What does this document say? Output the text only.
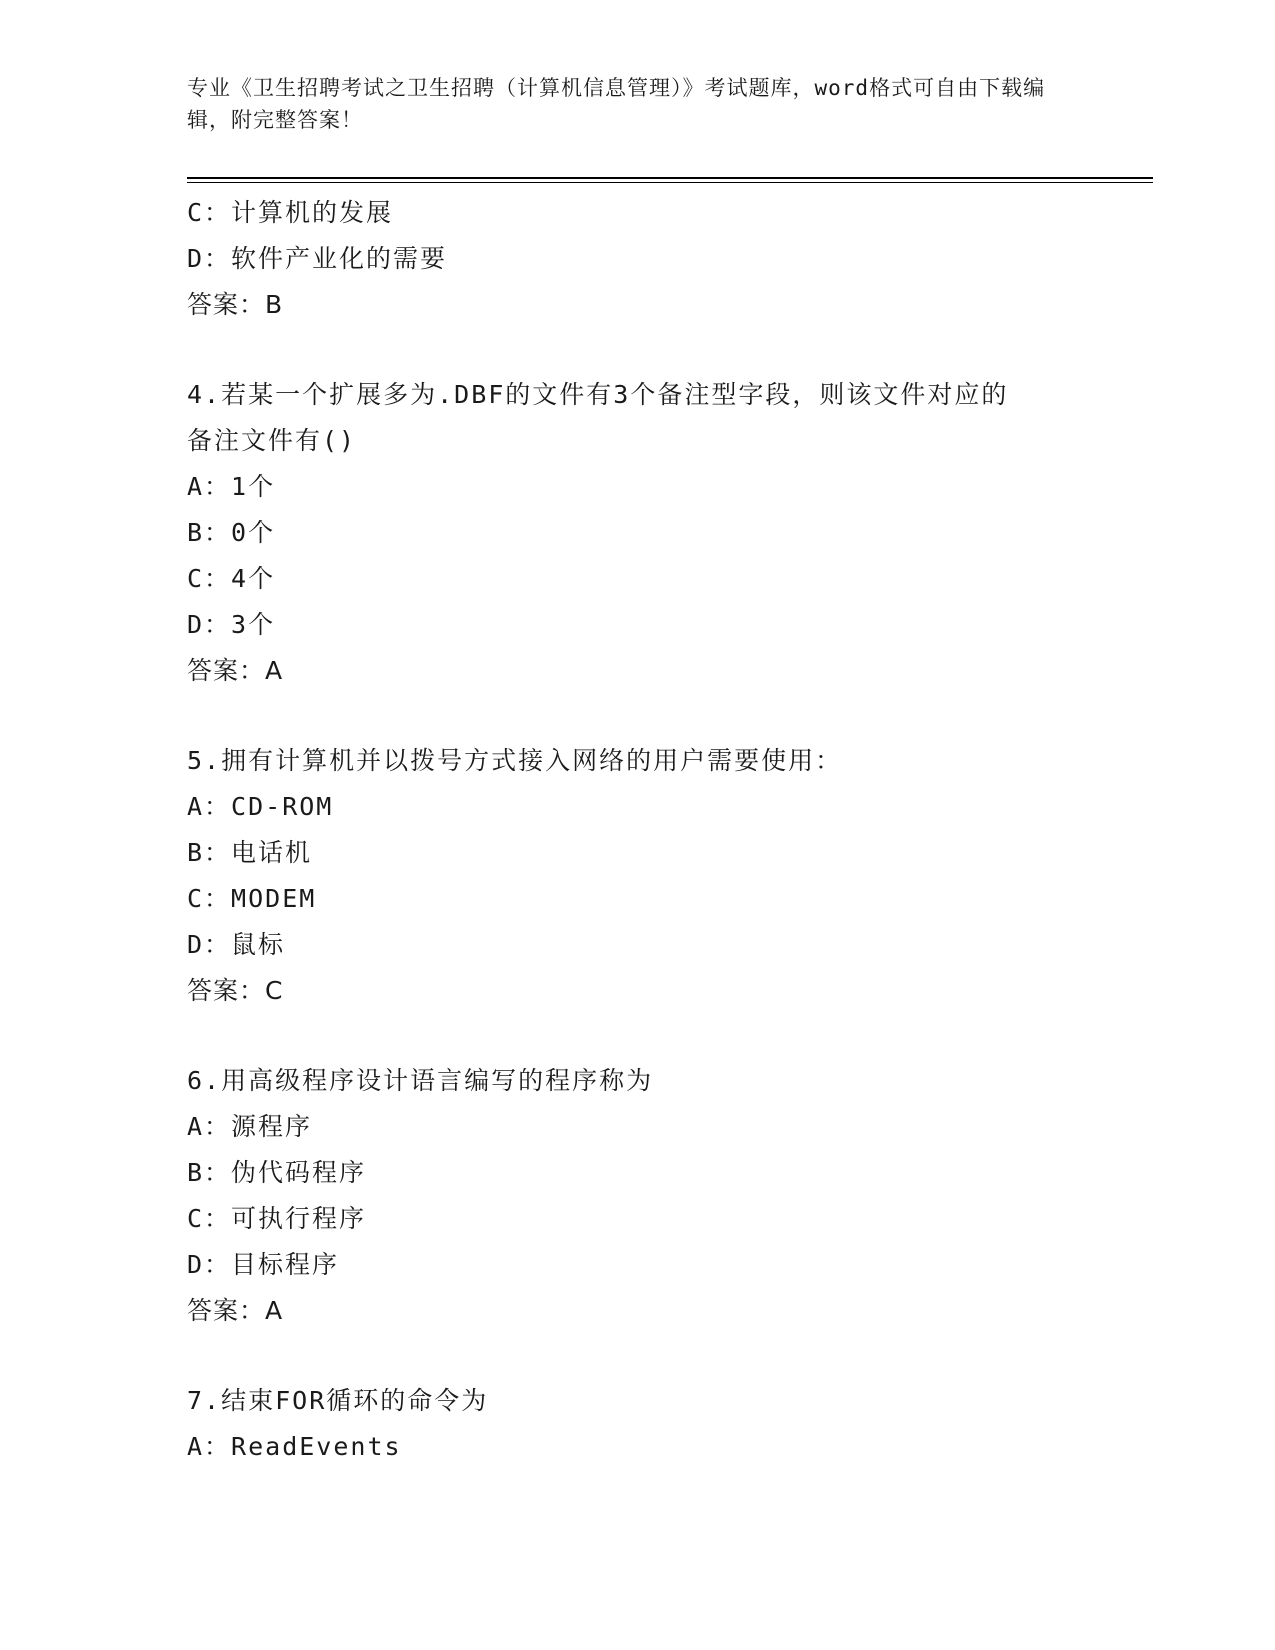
专业《卫生招聘考试之卫生招聘（计算机信息管理）》考试题库，word格式可自由下载编辑，附完整答案！
C：计算机的发展
D：软件产业化的需要
答案：B
4.若某一个扩展多为.DBF的文件有3个备注型字段，则该文件对应的
备注文件有()
A：1个
B：0个
C：4个
D：3个
答案：A
5.拥有计算机并以拨号方式接入网络的用户需要使用：
A：CD-ROM
B：电话机
C：MODEM
D：鼠标
答案：C
6.用高级程序设计语言编写的程序称为
A：源程序
B：伪代码程序
C：可执行程序
D：目标程序
答案：A
7.结束FOR循环的命令为
A：ReadEvents
